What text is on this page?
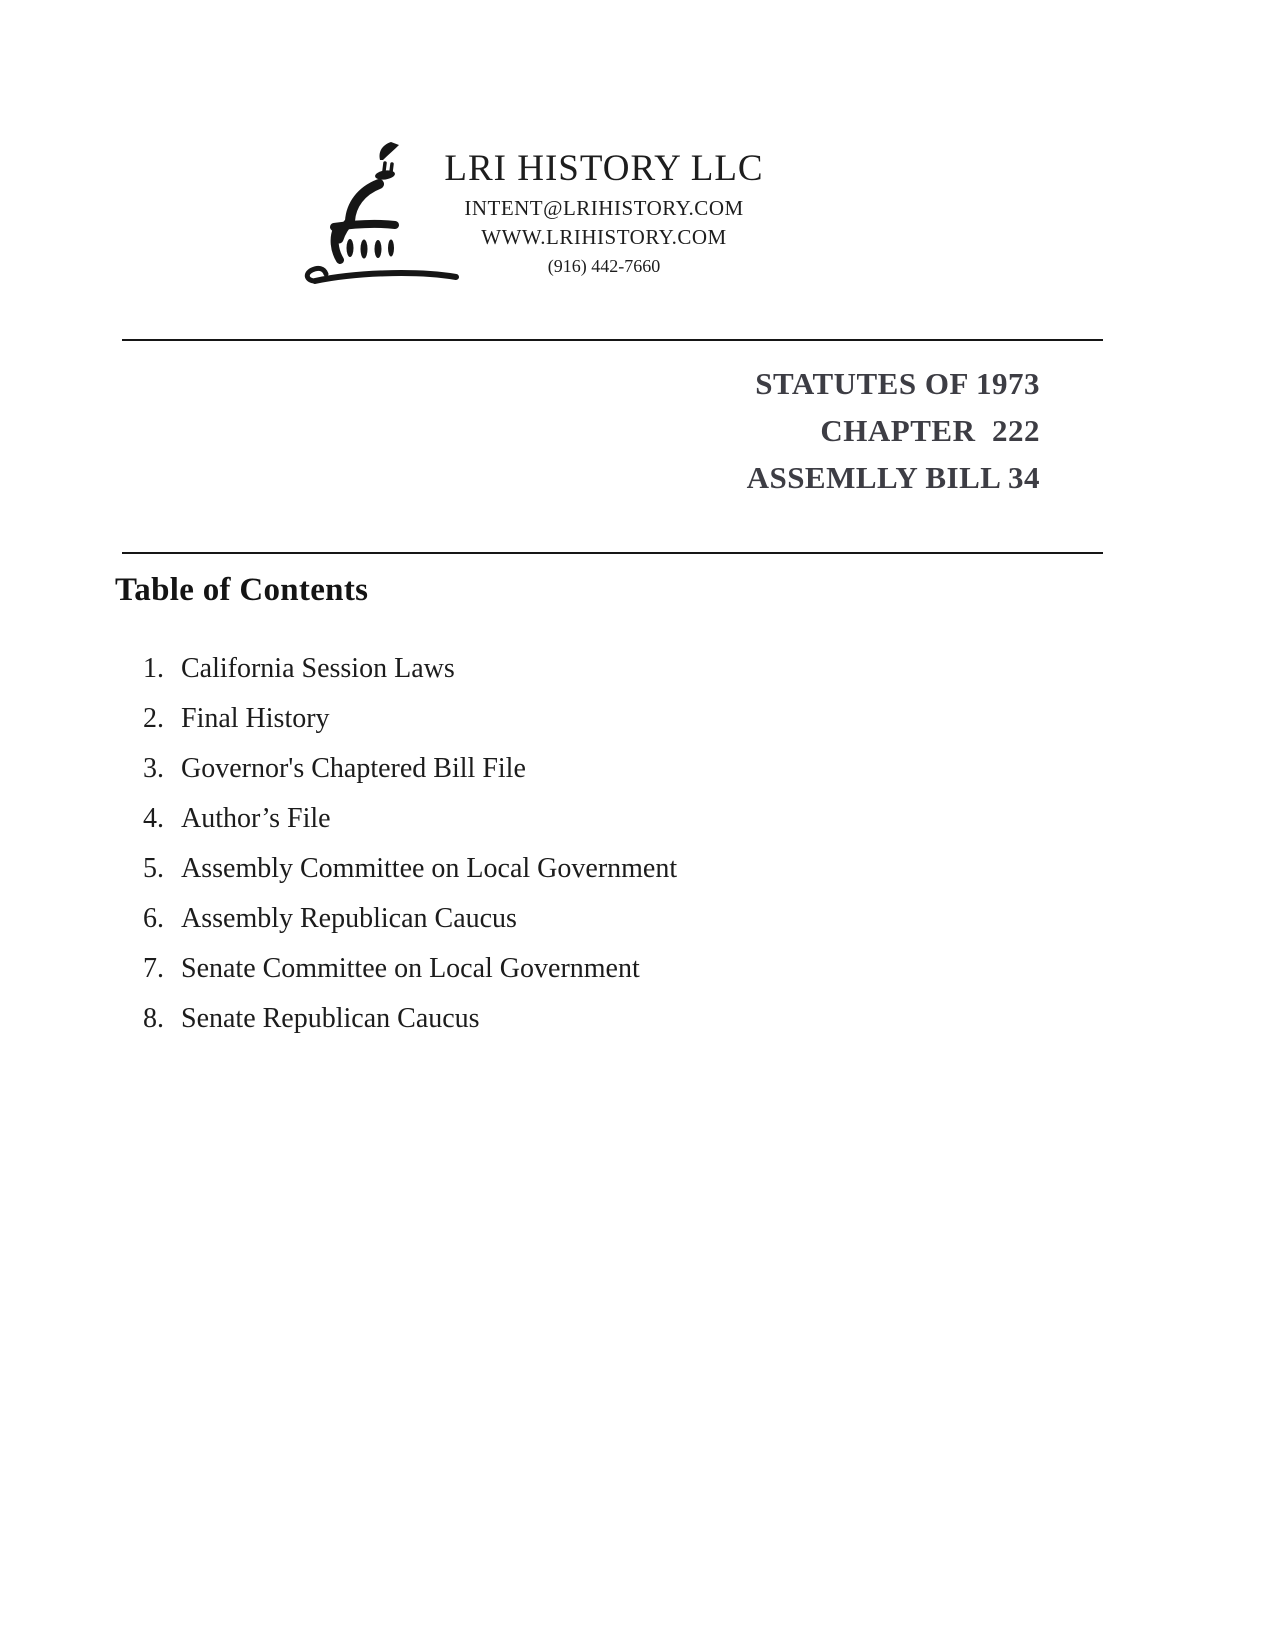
LRI HISTORY LLC
INTENT@LRIHISTORY.COM
WWW.LRIHISTORY.COM
(916) 442-7660
STATUTES OF 1973
CHAPTER  222
ASSEMLLY BILL 34
Table of Contents
1. California Session Laws
2. Final History
3. Governor's Chaptered Bill File
4. Author’s File
5. Assembly Committee on Local Government
6. Assembly Republican Caucus
7. Senate Committee on Local Government
8. Senate Republican Caucus
